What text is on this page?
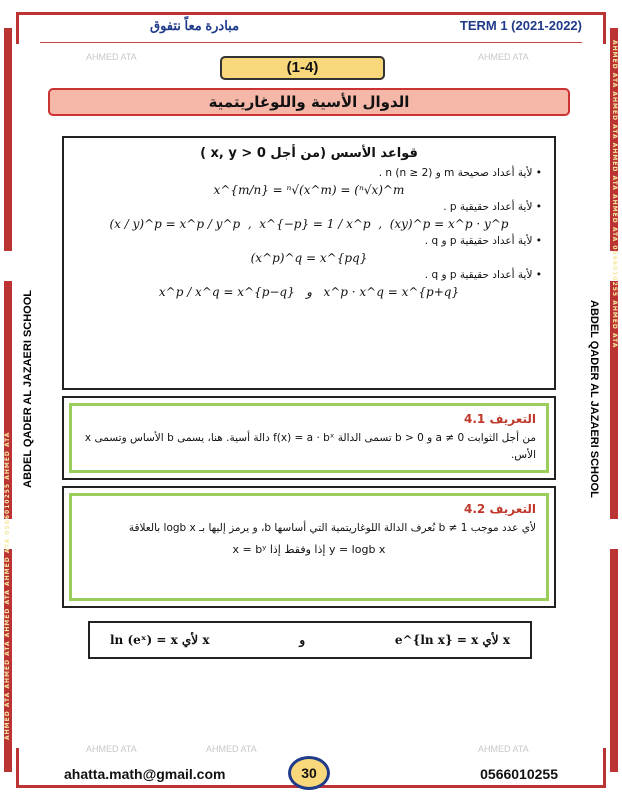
AHMED ATA AHMED ATA AHMED ATA AHMED ATA 0566010255 AHMED ATA
AHMED ATA AHMED ATA AHMED ATA AHMED ATA 0566010255 AHMED ATA
ABDEL QADER AL JAZAERI SCHOOL	ABDEL QADER AL JAZAERI SCHOOL
مبادرة معاً نتفوق	TERM 1 (2021-2022)
AHMED ATA	AHMED ATA
AHMED ATA	AHMED ATA	AHMED ATA
(1-4)
الدوال الأسية واللوغاريتمية
قواعد الأسس (من أجل x, y > 0 )
• لأية أعداد صحيحة m و n (n ≥ 2) .
x^{m/n} = ⁿ√(x^m) = (ⁿ√x)^m
• لأية أعداد حقيقية p .
(x / y)^p = x^p / y^p  ,  x^{−p} = 1 / x^p  ,  (xy)^p = x^p · y^p
• لأية أعداد حقيقية p و q .
(x^p)^q = x^{pq}
• لأية أعداد حقيقية p و q .
x^p / x^q = x^{p−q}   و   x^p · x^q = x^{p+q}
التعريف 4.1
من أجل الثوابت a ≠ 0 و b > 0 تسمى الدالة f(x) = a · bˣ دالة أسية. هنا، يسمى b الأساس وتسمى x الأس.
التعريف 4.2
لأي عدد موجب b ≠ 1 نُعرف الدالة اللوغاريتمية التي أساسها b، و يرمز إليها بـ logb x بالعلاقة
y = logb x إذا وفقط إذا x = bʸ
ln (eˣ) = x لأي x	و	e^{ln x} = x لأي x
ahatta.math@gmail.com	30	0566010255
